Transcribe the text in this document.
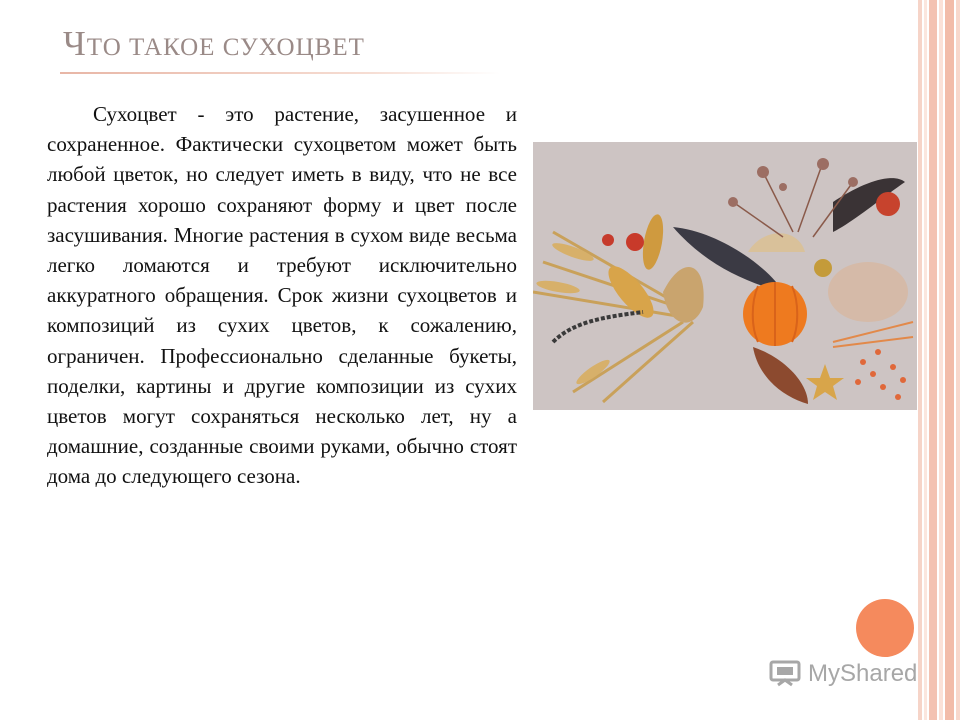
ЧТО ТАКОЕ СУХОЦВЕТ
Сухоцвет - это растение, засушенное и сохраненное. Фактически сухоцветом может быть любой цветок, но следует иметь в виду, что не все растения хорошо сохраняют форму и цвет после засушивания. Многие растения в сухом виде весьма легко ломаются и требуют исключительно аккуратного обращения. Срок жизни сухоцветов и композиций из сухих цветов, к сожалению, ограничен. Профессионально сделанные букеты, поделки, картины и другие композиции из сухих цветов могут сохраняться несколько лет, ну а домашние, созданные своими руками, обычно стоят дома до следующего сезона.
MyShared
